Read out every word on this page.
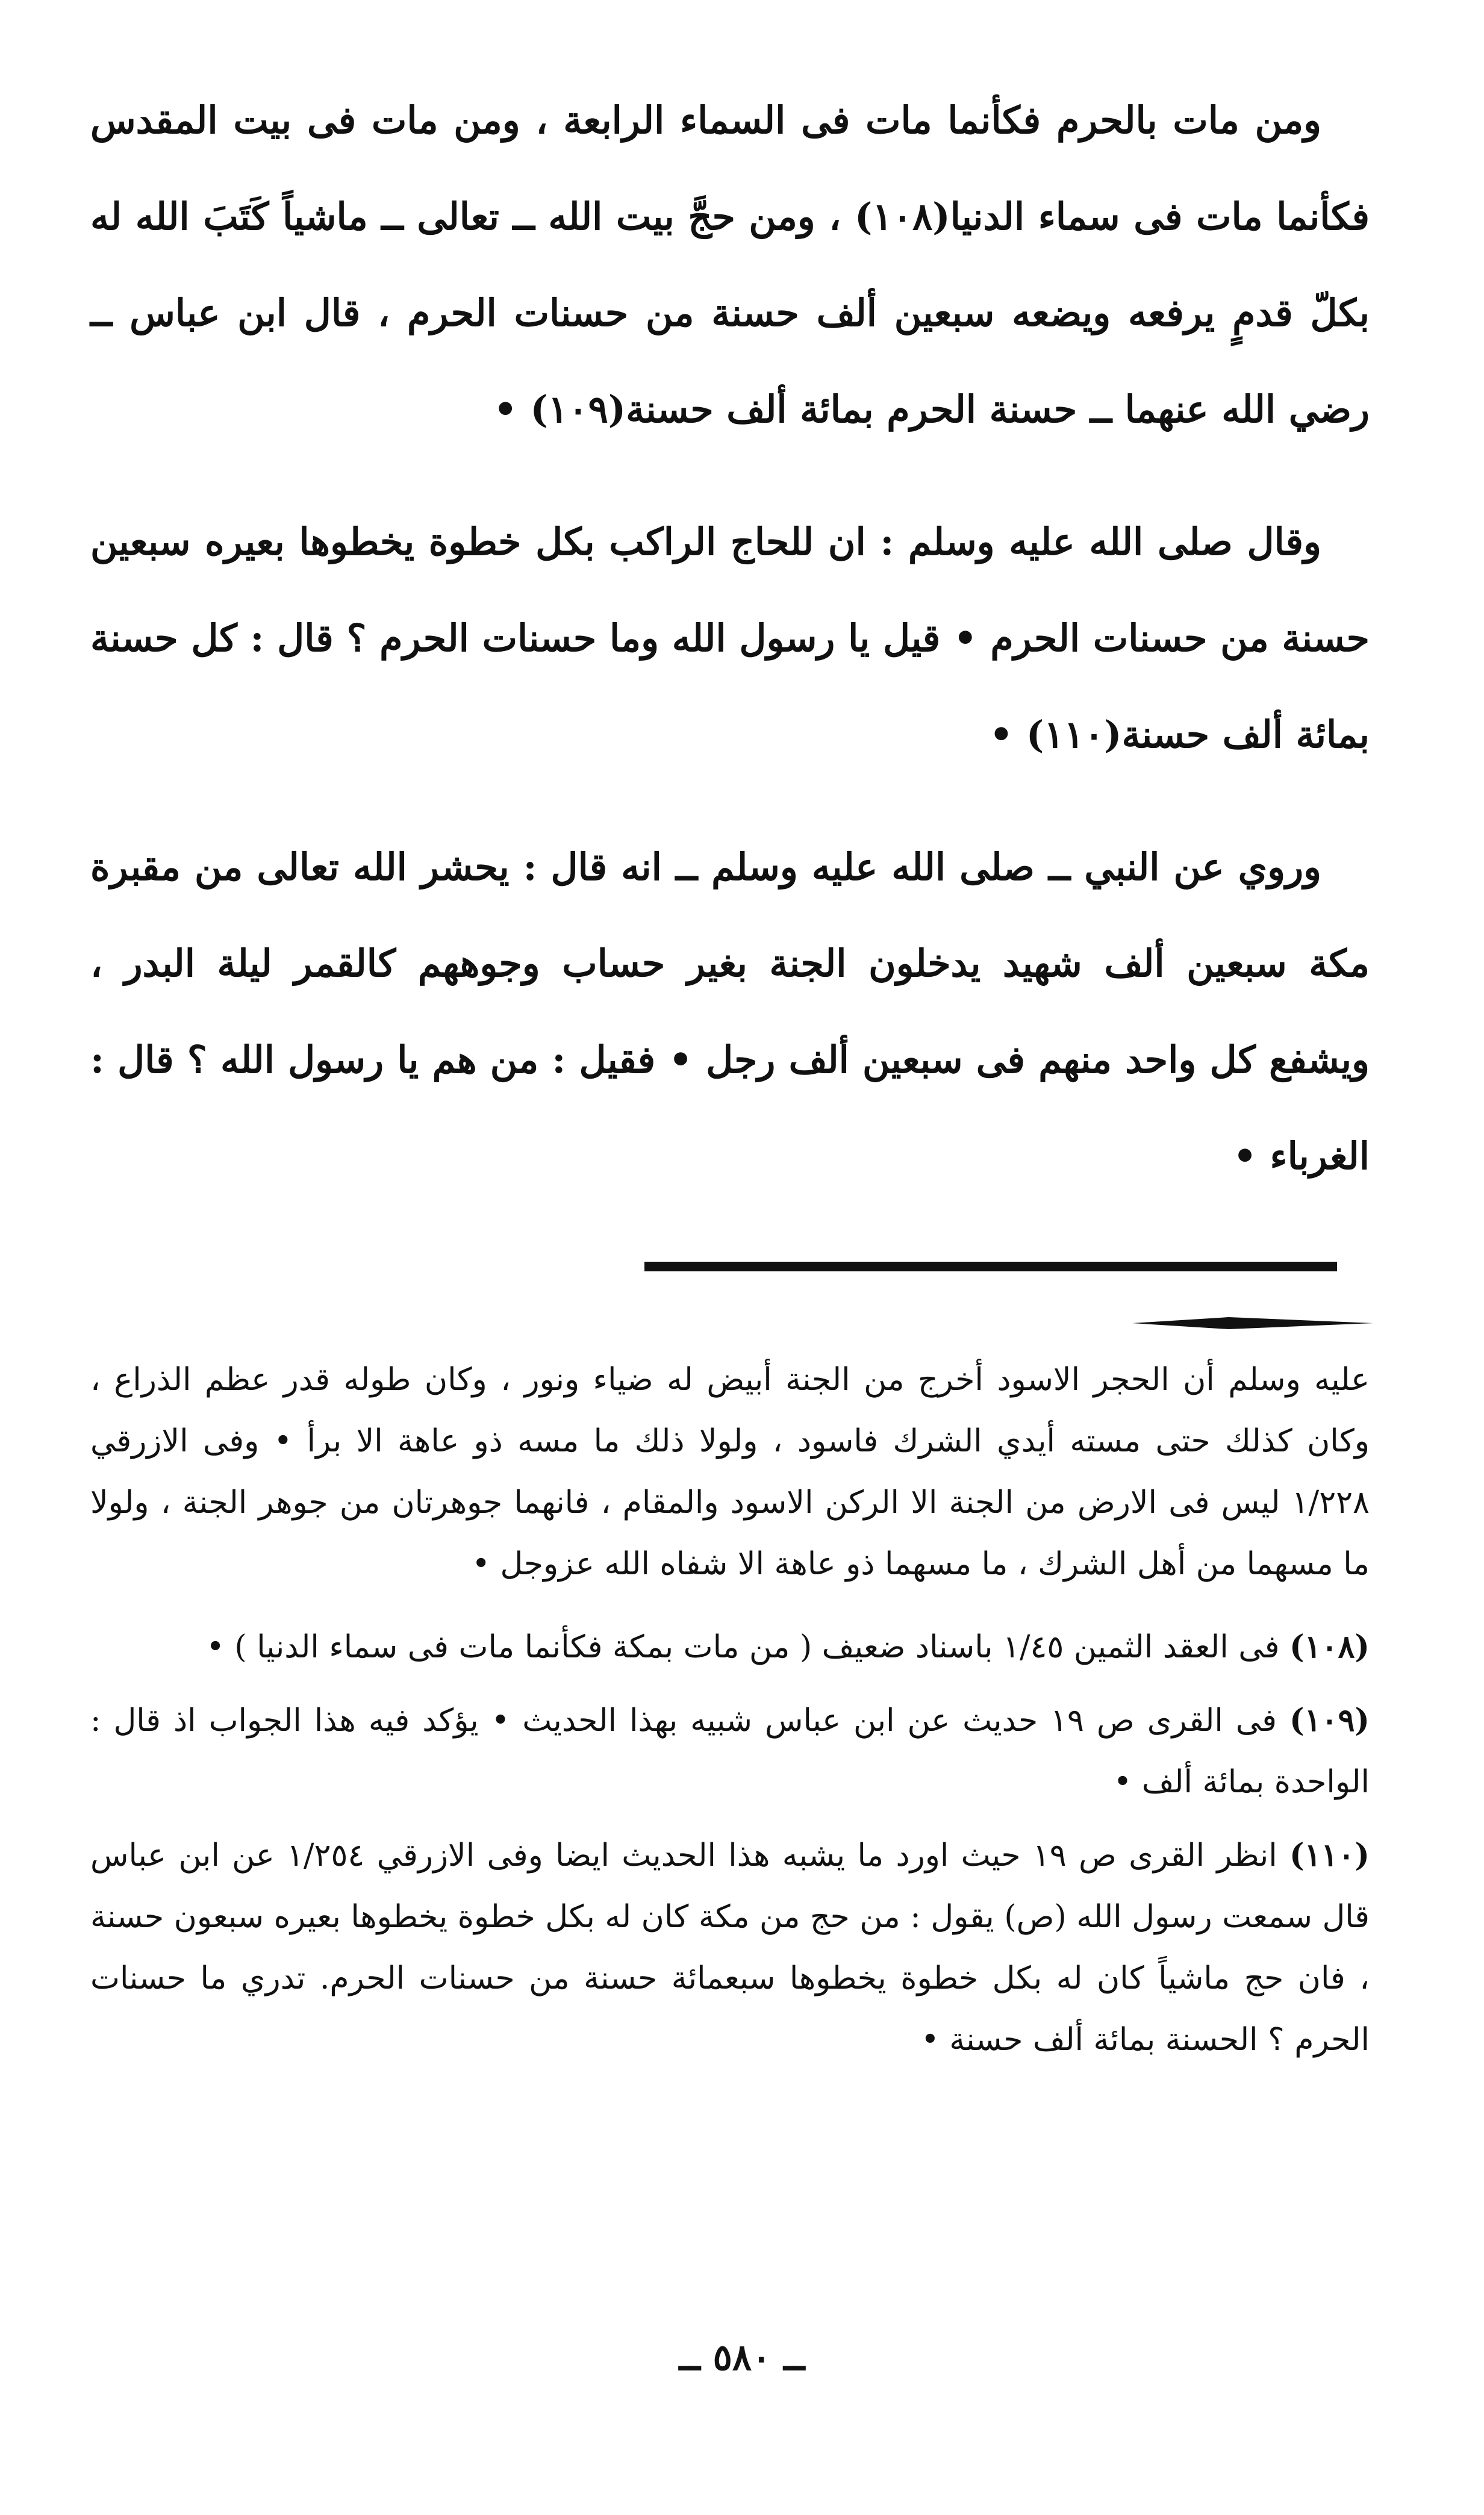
ومن مات بالحرم فكأنما مات فى السماء الرابعة ، ومن مات فى بيت المقدس فكأنما مات فى سماء الدنيا(١٠٨) ، ومن حجَّ بيت الله ــ تعالى ــ ماشياً كَتَبَ الله له بكلّ قدمٍ يرفعه ويضعه سبعين ألف حسنة من حسنات الحرم ، قال ابن عباس ــ رضي الله عنهما ــ حسنة الحرم بمائة ألف حسنة(١٠٩) •

وقال صلى الله عليه وسلم : ان للحاج الراكب بكل خطوة يخطوها بعيره سبعين حسنة من حسنات الحرم • قيل يا رسول الله وما حسنات الحرم ؟ قال : كل حسنة بمائة ألف حسنة(١١٠) •

وروي عن النبي ــ صلى الله عليه وسلم ــ انه قال : يحشر الله تعالى من مقبرة مكة سبعين ألف شهيد يدخلون الجنة بغير حساب وجوههم كالقمر ليلة البدر ، ويشفع كل واحد منهم فى سبعين ألف رجل • فقيل : من هم يا رسول الله ؟ قال : الغرباء •

عليه وسلم أن الحجر الاسود أخرج من الجنة أبيض له ضياء ونور ، وكان طوله قدر عظم الذراع ، وكان كذلك حتى مسته أيدي الشرك فاسود ، ولولا ذلك ما مسه ذو عاهة الا برأ • وفى الازرقي ١/٢٢٨ ليس فى الارض من الجنة الا الركن الاسود والمقام ، فانهما جوهرتان من جوهر الجنة ، ولولا ما مسهما من أهل الشرك ، ما مسهما ذو عاهة الا شفاه الله عزوجل •

(١٠٨) فى العقد الثمين ١/٤٥ باسناد ضعيف ( من مات بمكة فكأنما مات فى سماء الدنيا ) •

(١٠٩) فى القرى ص ١٩ حديث عن ابن عباس شبيه بهذا الحديث • يؤكد فيه هذا الجواب اذ قال : الواحدة بمائة ألف •

(١١٠) انظر القرى ص ١٩ حيث اورد ما يشبه هذا الحديث ايضا وفى الازرقي ١/٢٥٤ عن ابن عباس قال سمعت رسول الله (ص) يقول : من حج من مكة كان له بكل خطوة يخطوها بعيره سبعون حسنة ، فان حج ماشياً كان له بكل خطوة يخطوها سبعمائة حسنة من حسنات الحرم. تدري ما حسنات الحرم ؟ الحسنة بمائة ألف حسنة •

ــ ٥٨٠ ــ
